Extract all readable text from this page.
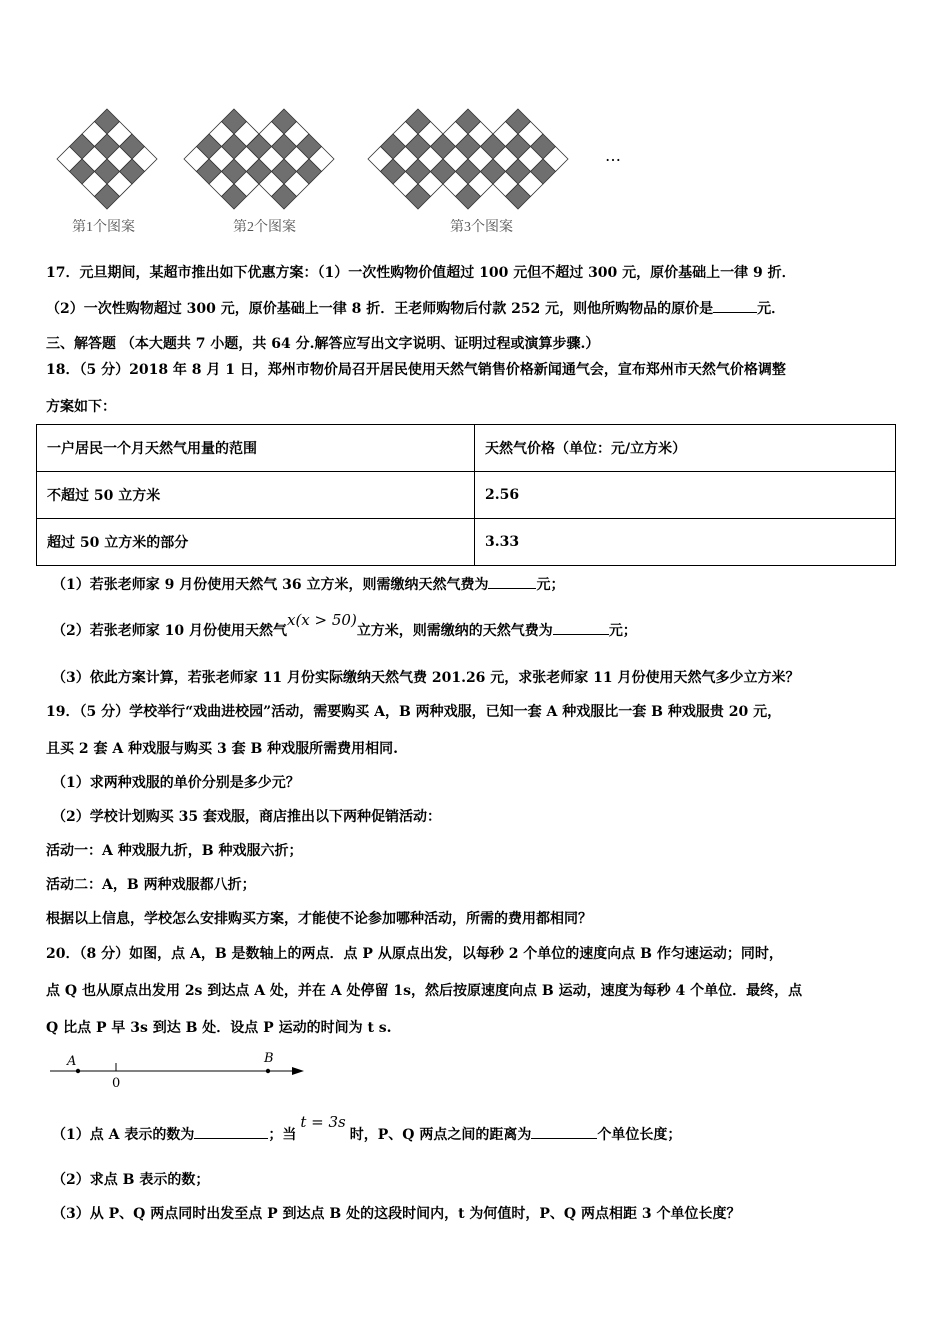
第1个图案	第2个图案	第3个图案
…
17．元旦期间，某超市推出如下优惠方案：（1）一次性购物价值超过 100 元但不超过 300 元，原价基础上一律 9 折．
（2）一次性购物超过 300 元，原价基础上一律 8 折．王老师购物后付款 252 元，则他所购物品的原价是	元．
三、解答题 （本大题共 7 小题，共 64 分.解答应写出文字说明、证明过程或演算步骤.）
18．（5 分）2018 年 8 月 1 日，郑州市物价局召开居民使用天然气销售价格新闻通气会，宣布郑州市天然气价格调整
方案如下：
一户居民一个月天然气用量的范围	天然气价格（单位：元/立方米）
不超过 50 立方米	2.56
超过 50 立方米的部分	3.33
（1）若张老师家 9 月份使用天然气 36 立方米，则需缴纳天然气费为	元；
（2）若张老师家 10 月份使用天然气x(x > 50)立方米，则需缴纳的天然气费为	元；
（3）依此方案计算，若张老师家 11 月份实际缴纳天然气费 201.26 元，求张老师家 11 月份使用天然气多少立方米？
19．（5 分）学校举行“戏曲进校园”活动，需要购买 A，B 两种戏服，已知一套 A 种戏服比一套 B 种戏服贵 20 元，
且买 2 套 A 种戏服与购买 3 套 B 种戏服所需费用相同.
（1）求两种戏服的单价分别是多少元？
（2）学校计划购买 35 套戏服，商店推出以下两种促销活动：
活动一：A 种戏服九折，B 种戏服六折；
活动二：A，B 两种戏服都八折；
根据以上信息，学校怎么安排购买方案，才能使不论参加哪种活动，所需的费用都相同？
20．（8 分）如图，点 A，B 是数轴上的两点．点 P 从原点出发，以每秒 2 个单位的速度向点 B 作匀速运动；同时，
点 Q 也从原点出发用 2s 到达点 A 处，并在 A 处停留 1s，然后按原速度向点 B 运动，速度为每秒 4 个单位．最终，点
Q 比点 P 早 3s 到达 B 处．设点 P 运动的时间为 t s.
A
0
B
（1）点 A 表示的数为	；当t = 3s时，P、Q 两点之间的距离为	个单位长度；
（2）求点 B 表示的数；
（3）从 P、Q 两点同时出发至点 P 到达点 B 处的这段时间内，t 为何值时，P、Q 两点相距 3 个单位长度？
